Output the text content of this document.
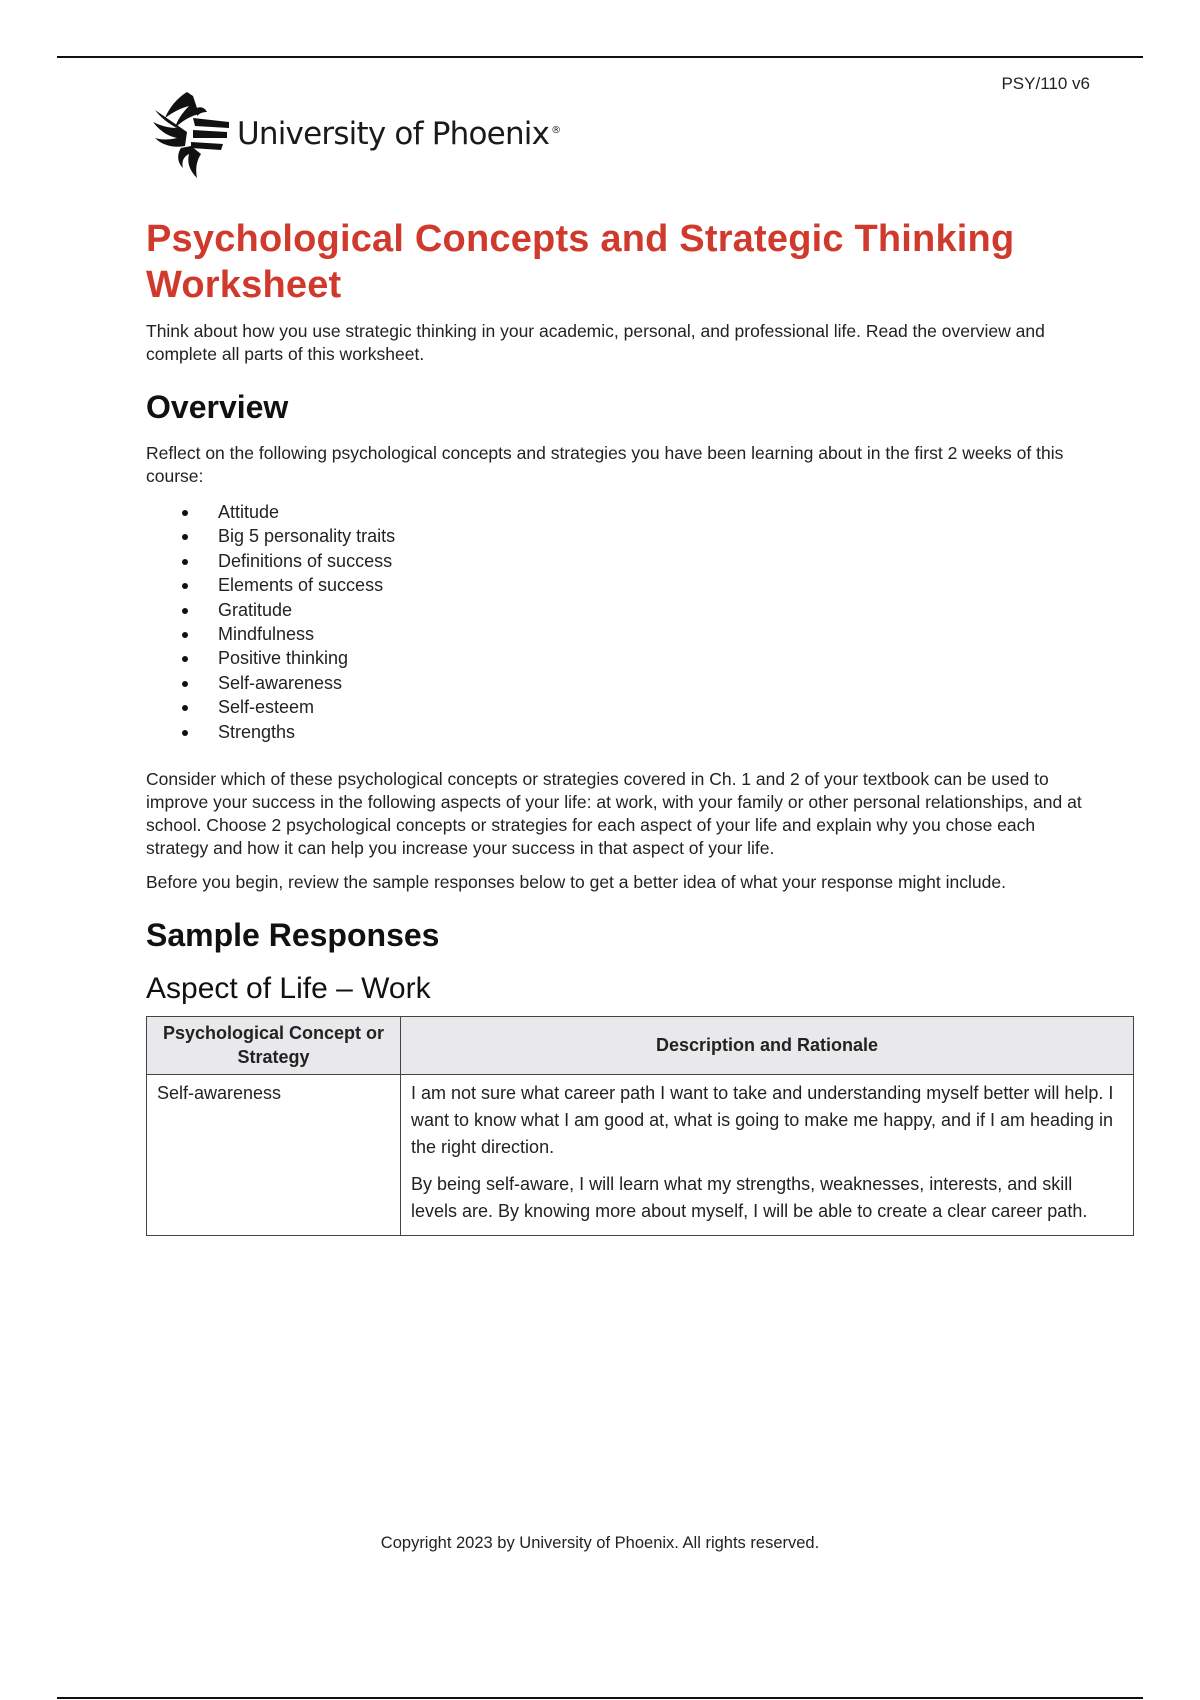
PSY/110 v6
University of Phoenix ®
Psychological Concepts and Strategic Thinking Worksheet

Think about how you use strategic thinking in your academic, personal, and professional life. Read the overview and complete all parts of this worksheet.

Overview

Reflect on the following psychological concepts and strategies you have been learning about in the first 2 weeks of this course:

Attitude
Big 5 personality traits
Definitions of success
Elements of success
Gratitude
Mindfulness
Positive thinking
Self-awareness
Self-esteem
Strengths

Consider which of these psychological concepts or strategies covered in Ch. 1 and 2 of your textbook can be used to improve your success in the following aspects of your life: at work, with your family or other personal relationships, and at school. Choose 2 psychological concepts or strategies for each aspect of your life and explain why you chose each strategy and how it can help you increase your success in that aspect of your life.

Before you begin, review the sample responses below to get a better idea of what your response might include.

Sample Responses
Aspect of Life – Work
Psychological Concept or Strategy	Description and Rationale
Self-awareness	I am not sure what career path I want to take and understanding myself better will help. I want to know what I am good at, what is going to make me happy, and if I am heading in the right direction.

By being self-aware, I will learn what my strengths, weaknesses, interests, and skill levels are. By knowing more about myself, I will be able to create a clear career path.

Copyright 2023 by University of Phoenix. All rights reserved.
